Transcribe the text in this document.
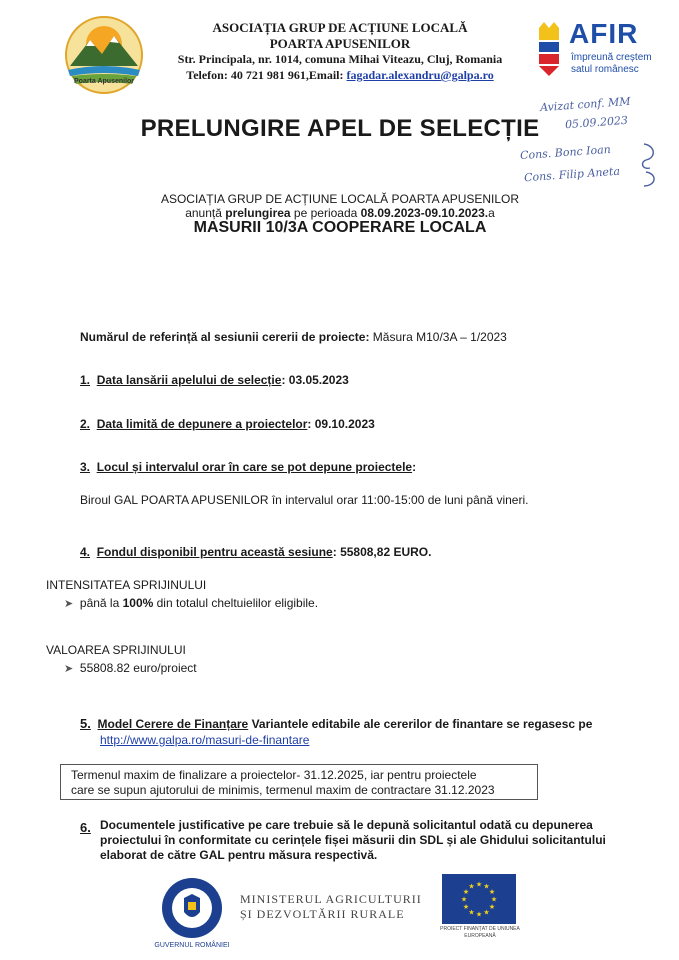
Poarta Apusenilor
ASOCIAȚIA GRUP DE ACȚIUNE LOCALĂ
POARTA APUSENILOR
Str. Principala, nr. 1014, comuna Mihai Viteazu, Cluj, Romania
Telefon: 40 721 981 961,Email: fagadar.alexandru@galpa.ro
AFIR
împreună creștem
satul românesc
Avizat conf. MM
05.09.2023
Cons. Bonc Ioan
Cons. Filip Aneta
PRELUNGIRE APEL DE SELECȚIE
ASOCIAȚIA GRUP DE ACȚIUNE LOCALĂ POARTA APUSENILOR
anunță prelungirea pe perioada 08.09.2023-09.10.2023.a
MASURII 10/3A COOPERARE LOCALA
Numărul de referință al sesiunii cererii de proiecte: Măsura M10/3A – 1/2023
1. Data lansării apelului de selecție: 03.05.2023
2. Data limită de depunere a proiectelor: 09.10.2023
3. Locul și intervalul orar în care se pot depune proiectele:
Biroul GAL POARTA APUSENILOR în intervalul orar 11:00-15:00 de luni până vineri.
4. Fondul disponibil pentru această sesiune: 55808,82 EURO.
INTENSITATEA SPRIJINULUI
➤ până la 100% din totalul cheltuielilor eligibile.
VALOAREA SPRIJINULUI
➤ 55808.82 euro/proiect
5. Model Cerere de Finanțare Variantele editabile ale cererilor de finantare se regasesc pe
http://www.galpa.ro/masuri-de-finantare
Termenul maxim de finalizare a proiectelor- 31.12.2025, iar pentru proiectele
care se supun ajutorului de minimis, termenul maxim de contractare 31.12.2023
6. Documentele justificative pe care trebuie să le depună solicitantul odată cu depunerea
proiectului în conformitate cu cerințele fișei măsurii din SDL și ale Ghidului solicitantului
elaborat de către GAL pentru măsura respectivă.
GUVERNUL ROMÂNIEI
MINISTERUL AGRICULTURII
ȘI DEZVOLTĂRII RURALE
★
★
★
★
★
★
★
★
★ ★ ★
★
PROIECT FINANȚAT DE UNIUNEA EUROPEANĂ
